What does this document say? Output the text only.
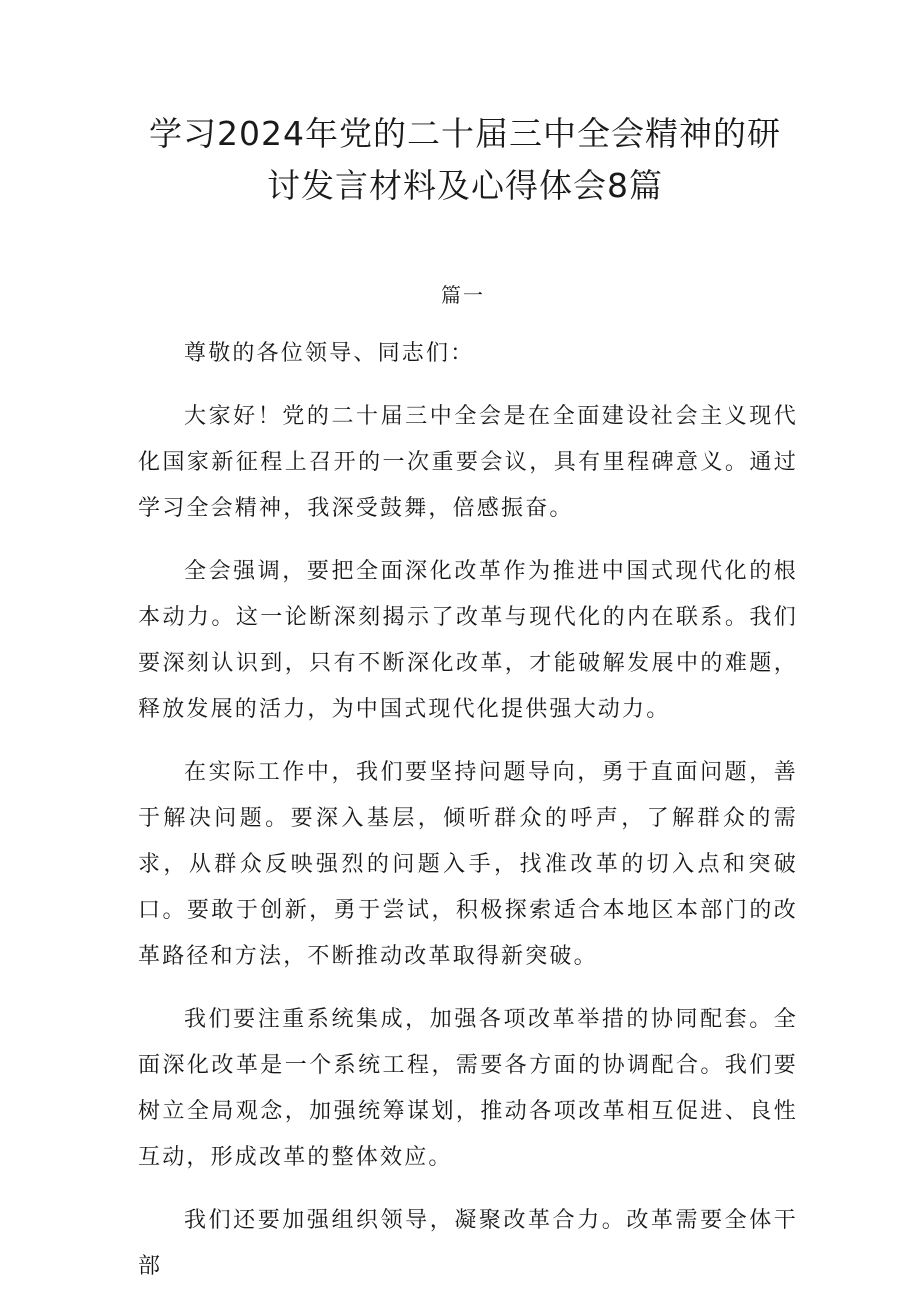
学习2024年党的二十届三中全会精神的研讨发言材料及心得体会8篇
篇一

尊敬的各位领导、同志们：

大家好！党的二十届三中全会是在全面建设社会主义现代化国家新征程上召开的一次重要会议，具有里程碑意义。通过学习全会精神，我深受鼓舞，倍感振奋。

全会强调，要把全面深化改革作为推进中国式现代化的根本动力。这一论断深刻揭示了改革与现代化的内在联系。我们要深刻认识到，只有不断深化改革，才能破解发展中的难题，释放发展的活力，为中国式现代化提供强大动力。

在实际工作中，我们要坚持问题导向，勇于直面问题，善于解决问题。要深入基层，倾听群众的呼声，了解群众的需求，从群众反映强烈的问题入手，找准改革的切入点和突破口。要敢于创新，勇于尝试，积极探索适合本地区本部门的改革路径和方法，不断推动改革取得新突破。

我们要注重系统集成，加强各项改革举措的协同配套。全面深化改革是一个系统工程，需要各方面的协调配合。我们要树立全局观念，加强统筹谋划，推动各项改革相互促进、良性互动，形成改革的整体效应。

我们还要加强组织领导，凝聚改革合力。改革需要全体干部
